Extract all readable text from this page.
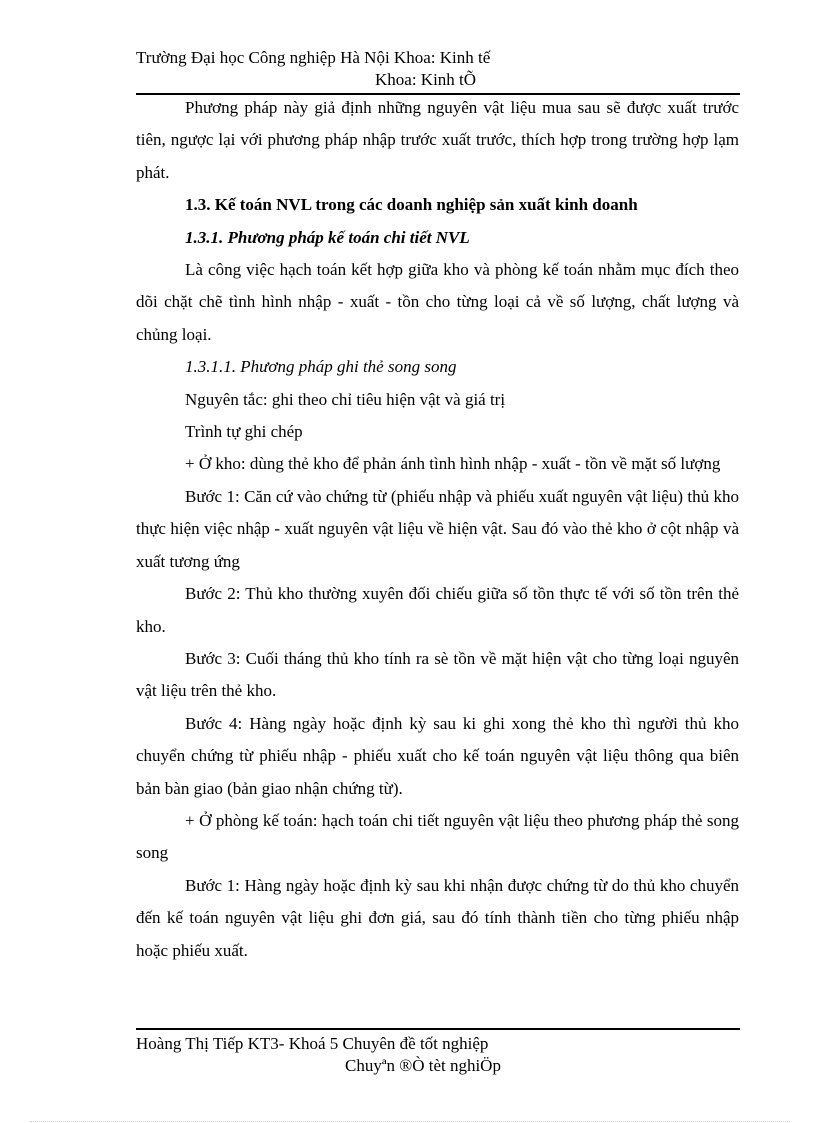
Trường Đại học Công nghiệp Hà Nội Khoa: Kinh tế
Khoa: Kinh tÕ

Phương pháp này giả định những nguyên vật liệu mua sau sẽ được xuất trước tiên, ngược lại với phương pháp nhập trước xuất trước, thích hợp trong trường hợp lạm phát.

1.3. Kế toán NVL trong các doanh nghiệp sản xuất kinh doanh

1.3.1. Phương pháp kế toán chi tiết NVL

Là công việc hạch toán kết hợp giữa kho và phòng kế toán nhằm mục đích theo dõi chặt chẽ tình hình nhập - xuất - tồn cho từng loại cả về số lượng, chất lượng và chủng loại.

1.3.1.1. Phương pháp ghi thẻ song song

Nguyên tắc: ghi theo chỉ tiêu hiện vật và giá trị

Trình tự ghi chép

+ Ở kho: dùng thẻ kho để phản ánh tình hình nhập - xuất - tồn về mặt số lượng

Bước 1: Căn cứ vào chứng từ (phiếu nhập và phiếu xuất nguyên vật liệu) thủ kho thực hiện việc nhập - xuất nguyên vật liệu về hiện vật. Sau đó vào thẻ kho ở cột nhập và xuất tương ứng

Bước 2: Thủ kho thường xuyên đối chiếu giữa số tồn thực tế với số tồn trên thẻ kho.

Bước 3: Cuối tháng thủ kho tính ra sè tồn về mặt hiện vật cho từng loại nguyên vật liệu trên thẻ kho.

Bước 4: Hàng ngày hoặc định kỳ sau ki ghi xong thẻ kho thì người thủ kho chuyển chứng từ phiếu nhập - phiếu xuất cho kế toán nguyên vật liệu thông qua biên bản bàn giao (bản giao nhận chứng từ).

+ Ở phòng kế toán: hạch toán chi tiết nguyên vật liệu theo phương pháp thẻ song song

Bước 1: Hàng ngày hoặc định kỳ sau khi nhận được chứng từ do thủ kho chuyển đến kế toán nguyên vật liệu ghi đơn giá, sau đó tính thành tiền cho từng phiếu nhập hoặc phiếu xuất.

Hoàng Thị Tiếp KT3- Khoá 5 Chuyên đề tốt nghiệp
Chuyªn ®Ò tèt nghiÖp
